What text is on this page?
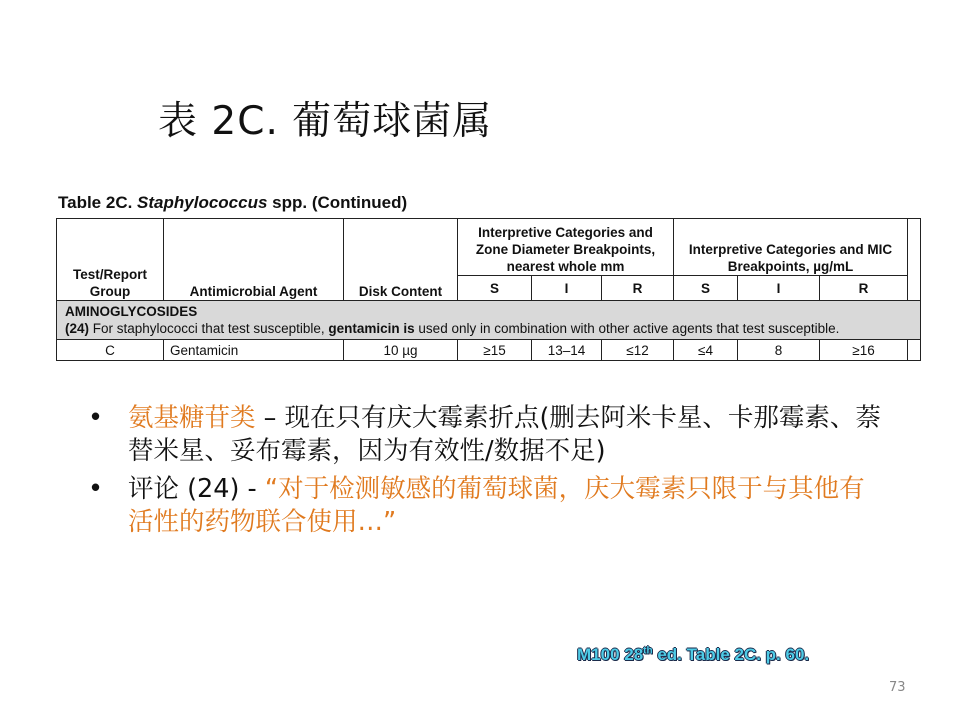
表 2C. 葡萄球菌属
Table 2C. Staphylococcus spp. (Continued)
Test/Report Group	Antimicrobial Agent	Disk Content	Interpretive Categories and Zone Diameter Breakpoints, nearest whole mm			Interpretive Categories and MIC Breakpoints, µg/mL			
			S	I	R	S	I	R	

AMINOGLYCOSIDES
(24) For staphylococci that test susceptible, gentamicin is used only in combination with other active agents that test susceptible.									

C	Gentamicin	10 µg	≥15	13–14	≤12	≤4	8	≥16	
• 氨基糖苷类 – 现在只有庆大霉素折点(删去阿米卡星、卡那霉素、萘替米星、妥布霉素，因为有效性/数据不足)
• 评论 (24) - “对于检测敏感的葡萄球菌，庆大霉素只限于与其他有活性的药物联合使用…”
M100 28th ed. Table 2C. p. 60.
73
